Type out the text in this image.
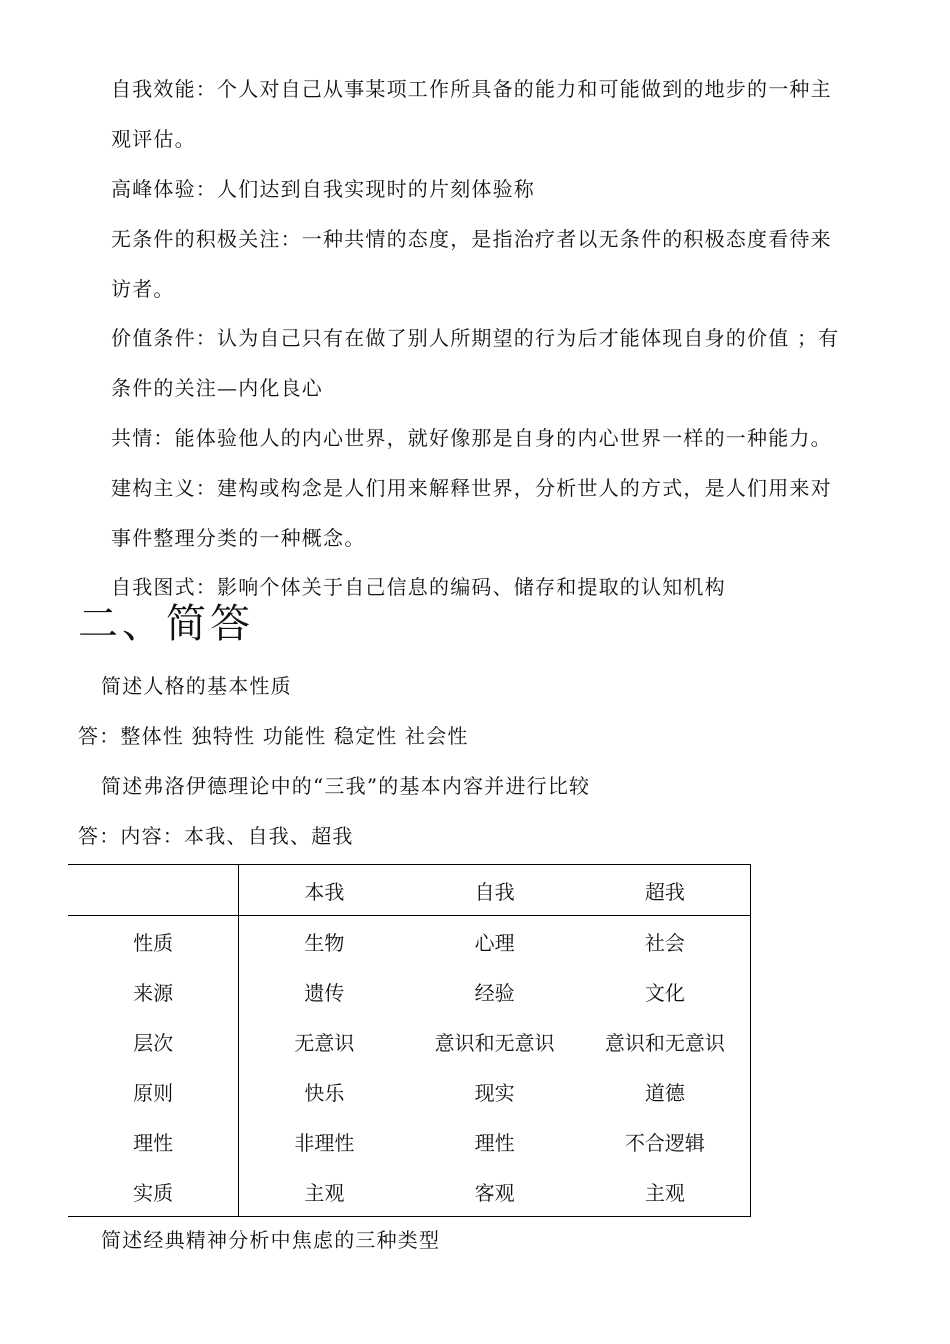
自我效能：个人对自己从事某项工作所具备的能力和可能做到的地步的一种主
观评估。
高峰体验：人们达到自我实现时的片刻体验称
无条件的积极关注：一种共情的态度，是指治疗者以无条件的积极态度看待来
访者。
价值条件：认为自己只有在做了别人所期望的行为后才能体现自身的价值 ；有
条件的关注—内化良心
共情：能体验他人的内心世界，就好像那是自身的内心世界一样的一种能力。
建构主义：建构或构念是人们用来解释世界，分析世人的方式，是人们用来对
事件整理分类的一种概念。
自我图式：影响个体关于自己信息的编码、储存和提取的认知机构
二、简答
简述人格的基本性质
答：整体性 独特性 功能性 稳定性 社会性
简述弗洛伊德理论中的“三我”的基本内容并进行比较
答：内容：本我、自我、超我
	本我	自我	超我
性质	生物	心理	社会
来源	遗传	经验	文化
层次	无意识	意识和无意识	意识和无意识
原则	快乐	现实	道德
理性	非理性	理性	不合逻辑
实质	主观	客观	主观
简述经典精神分析中焦虑的三种类型
